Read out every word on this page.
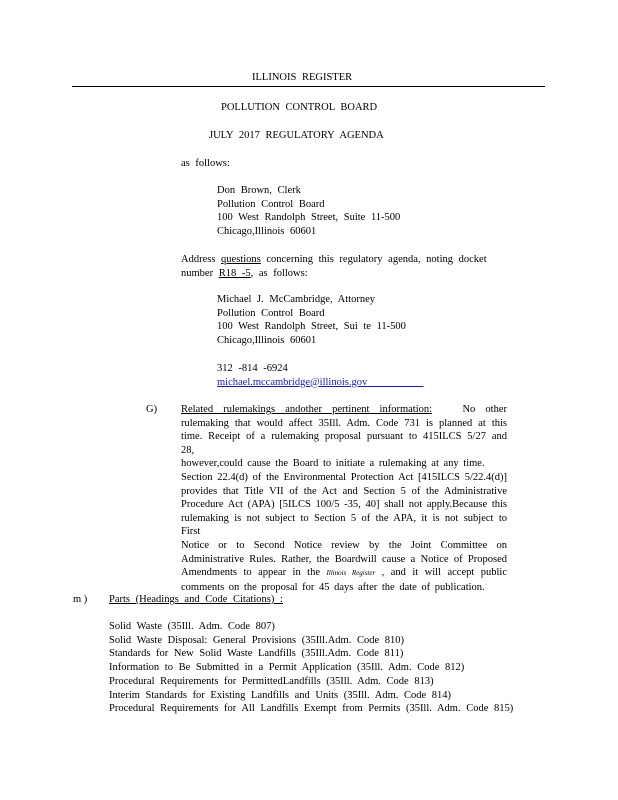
ILLINOIS REGISTER
POLLUTION CONTROL BOARD
JULY 2017 REGULATORY AGENDA
as follows:
Don Brown, Clerk
Pollution Control Board
100 West Randolph Street, Suite 11-500
Chicago,Illinois 60601
Address questions concerning this regulatory agenda, noting docket
number R18 -5, as follows:
Michael J. McCambridge, Attorney
Pollution Control Board
100 West Randolph Street, Sui te 11-500
Chicago,Illinois 60601
312 -814 -6924
michael.mccambridge@illinois.gov
G) Related rulemakings andother pertinent information:	No other
rulemaking that would affect 35Ill. Adm. Code 731 is planned at this
time. Receipt of a rulemaking proposal pursuant to 415ILCS 5/27 and 28,
however,could cause the Board to initiate a rulemaking at any time.
Section 22.4(d) of the Environmental Protection Act [415ILCS 5/22.4(d)]
provides that Title VII of the Act and Section 5 of the Administrative
Procedure Act (APA) [5ILCS 100/5 -35, 40] shall not apply.Because this
rulemaking is not subject to Section 5 of the APA, it is not subject to First
Notice or to Second Notice review by the Joint Committee on
Administrative Rules. Rather, the Boardwill cause a Notice of Proposed
Amendments to appear in the Illinois Register , and it will accept public
comments on the proposal for 45 days after the date of publication.
m ) Parts (Headings and Code Citations) :
Solid Waste (35Ill. Adm. Code 807)
Solid Waste Disposal: General Provisions (35Ill.Adm. Code 810)
Standards for New Solid Waste Landfills (35Ill.Adm. Code 811)
Information to Be Submitted in a Permit Application (35Ill. Adm. Code 812)
Procedural Requirements for PermittedLandfills (35Ill. Adm. Code 813)
Interim Standards for Existing Landfills and Units (35Ill. Adm. Code 814)
Procedural Requirements for All Landfills Exempt from Permits (35Ill. Adm. Code 815)
